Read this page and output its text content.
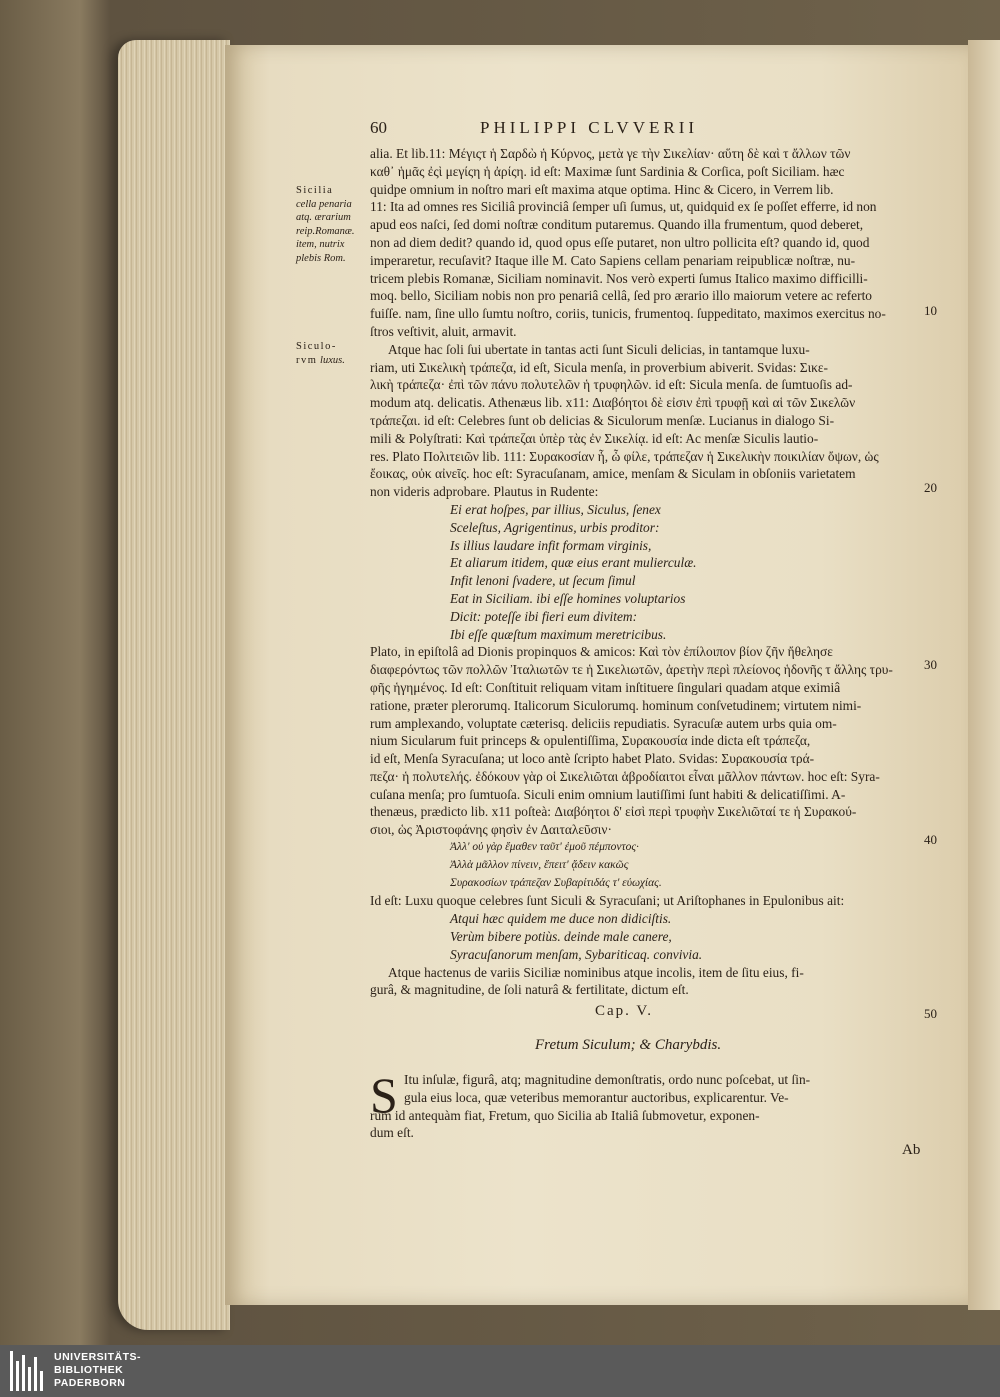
60	PHILIPPI CLVVERII
Sicilia
cella penaria
atq. ærarium
reip.Romanæ.
item, nutrix
plebis Rom.
Siculo-
rvm luxus.
10
20
30
40
50
alia. Et lib.11: Μέγιςτ ἡ Σαρδὼ ἡ Κύρνος, μετὰ γε τὴν Σικελίαν· αὕτη δὲ καὶ τ ἄλλων τῶν
καθ᾽ ἡμᾶς ἐςὶ μεγίςη ἡ ἀρίςη. id eſt: Maximæ ſunt Sardinia & Corſica, poſt Siciliam. hæc
quidpe omnium in noſtro mari eſt maxima atque optima. Hinc & Cicero, in Verrem lib.
11: Ita ad omnes res Siciliâ provinciâ ſemper uſi ſumus, ut, quidquid ex ſe poſſet efferre, id non
apud eos naſci, ſed domi noſtræ conditum putaremus. Quando illa frumentum, quod deberet,
non ad diem dedit? quando id, quod opus eſſe putaret, non ultro pollicita eſt? quando id, quod
imperaretur, recuſavit? Itaque ille M. Cato Sapiens cellam penariam reipublicæ noſtræ, nu-
tricem plebis Romanæ, Siciliam nominavit. Nos verò experti ſumus Italico maximo difficilli-
moq. bello, Siciliam nobis non pro penariâ cellâ, ſed pro ærario illo maiorum vetere ac referto
fuiſſe. nam, ſine ullo ſumtu noſtro, coriis, tunicis, frumentoq. ſuppeditato, maximos exercitus no-
ſtros veſtivit, aluit, armavit.
Atque hac ſoli ſui ubertate in tantas acti ſunt Siculi delicias, in tantamque luxu-
riam, uti Σικελικὴ τράπεζα, id eſt, Sicula menſa, in proverbium abiverit. Svidas: Σικε-
λικὴ τράπεζα· ἐπὶ τῶν πάνυ πολυτελῶν ἡ τρυφηλῶν. id eſt: Sicula menſa. de ſumtuoſis ad-
modum atq. delicatis. Athenæus lib. x11: Διαβόητοι δὲ εἰσιν ἐπὶ τρυφῇ καὶ αἱ τῶν Σικελῶν
τράπεζαι. id eſt: Celebres ſunt ob delicias & Siculorum menſæ. Lucianus in dialogo Si-
mili & Polyſtrati: Καὶ τράπεζαι ὑπὲρ τὰς ἐν Σικελίᾳ. id eſt: Ac menſæ Siculis lautio-
res. Plato Πολιτειῶν lib. 111: Συρακοσίαν ἦ, ὦ φίλε, τράπεζαν ἡ Σικελικὴν ποικιλίαν ὄψων, ὡς
ἔοικας, οὐκ αἰνεῖς. hoc eſt: Syracuſanam, amice, menſam & Siculam in obſoniis varietatem
non videris adprobare. Plautus in Rudente:
Ei erat hoſpes, par illius, Siculus, ſenex
Sceleſtus, Agrigentinus, urbis proditor:
Is illius laudare infit formam virginis,
Et aliarum itidem, quæ eius erant mulierculæ.
Infit lenoni ſvadere, ut ſecum ſimul
Eat in Siciliam. ibi eſſe homines voluptarios
Dicit: poteſſe ibi fieri eum divitem:
Ibi eſſe quæſtum maximum meretricibus.
Plato, in epiſtolâ ad Dionis propinquos & amicos: Καὶ τὸν ἐπίλοιπον βίον ζῆν ἤθελησε
διαφερόντως τῶν πολλῶν Ἰταλιωτῶν τε ἡ Σικελιωτῶν, ἀρετὴν περὶ πλείονος ἡδονῆς τ ἄλλης τρυ-
φῆς ἡγημένος. Id eſt: Conſtituit reliquam vitam inſtituere ſingulari quadam atque eximiâ
ratione, præter plerorumq. Italicorum Siculorumq. hominum conſvetudinem; virtutem nimi-
rum amplexando, voluptate cæterisq. deliciis repudiatis. Syracuſæ autem urbs quia om-
nium Sicularum fuit princeps & opulentiſſima, Συρακουσία inde dicta eſt τράπεζα,
id eſt, Menſa Syracuſana; ut loco antè ſcripto habet Plato. Svidas: Συρακουσία τρά-
πεζα· ἡ πολυτελής. ἐδόκουν γὰρ οἱ Σικελιῶται ἁβροδίαιτοι εἶναι μᾶλλον πάντων. hoc eſt: Syra-
cuſana menſa; pro ſumtuoſa. Siculi enim omnium lautiſſimi ſunt habiti & delicatiſſimi. A-
thenæus, prædicto lib. x11 poſteà: Διαβόητοι δ' εἰσὶ περὶ τρυφὴν Σικελιῶταί τε ἡ Συρακού-
σιοι, ὡς Ἀριστοφάνης φησὶν ἐν Δαιταλεῦσιν·
Ἀλλ' οὐ γὰρ ἔμαθεν ταῦτ' ἐμοῦ πέμποντος·
Ἀλλὰ μᾶλλον πίνειν, ἔπειτ' ᾄδειν κακῶς
Συρακοσίων τράπεζαν Συβαρίτιδάς τ' εὐωχίας.
Id eſt: Luxu quoque celebres ſunt Siculi & Syracuſani; ut Ariſtophanes in Epulonibus ait:
Atqui hæc quidem me duce non didiciſtis.
Verùm bibere potiùs. deinde male canere,
Syracuſanorum menſam, Sybariticaq. convivia.
Atque hactenus de variis Siciliæ nominibus atque incolis, item de ſitu eius, fi-
gurâ, & magnitudine, de ſoli naturâ & fertilitate, dictum eſt.
Cap. V.
Fretum Siculum; & Charybdis.
S Itu inſulæ, figurâ, atq; magnitudine demonſtratis, ordo nunc poſcebat, ut ſin-
gula eius loca, quæ veteribus memorantur auctoribus, explicarentur. Ve-
rùm id antequàm fiat, Fretum, quo Sicilia ab Italiâ ſubmovetur, exponen-
dum eſt.
Ab
UNIVERSITÄTS-
BIBLIOTHEK
PADERBORN
